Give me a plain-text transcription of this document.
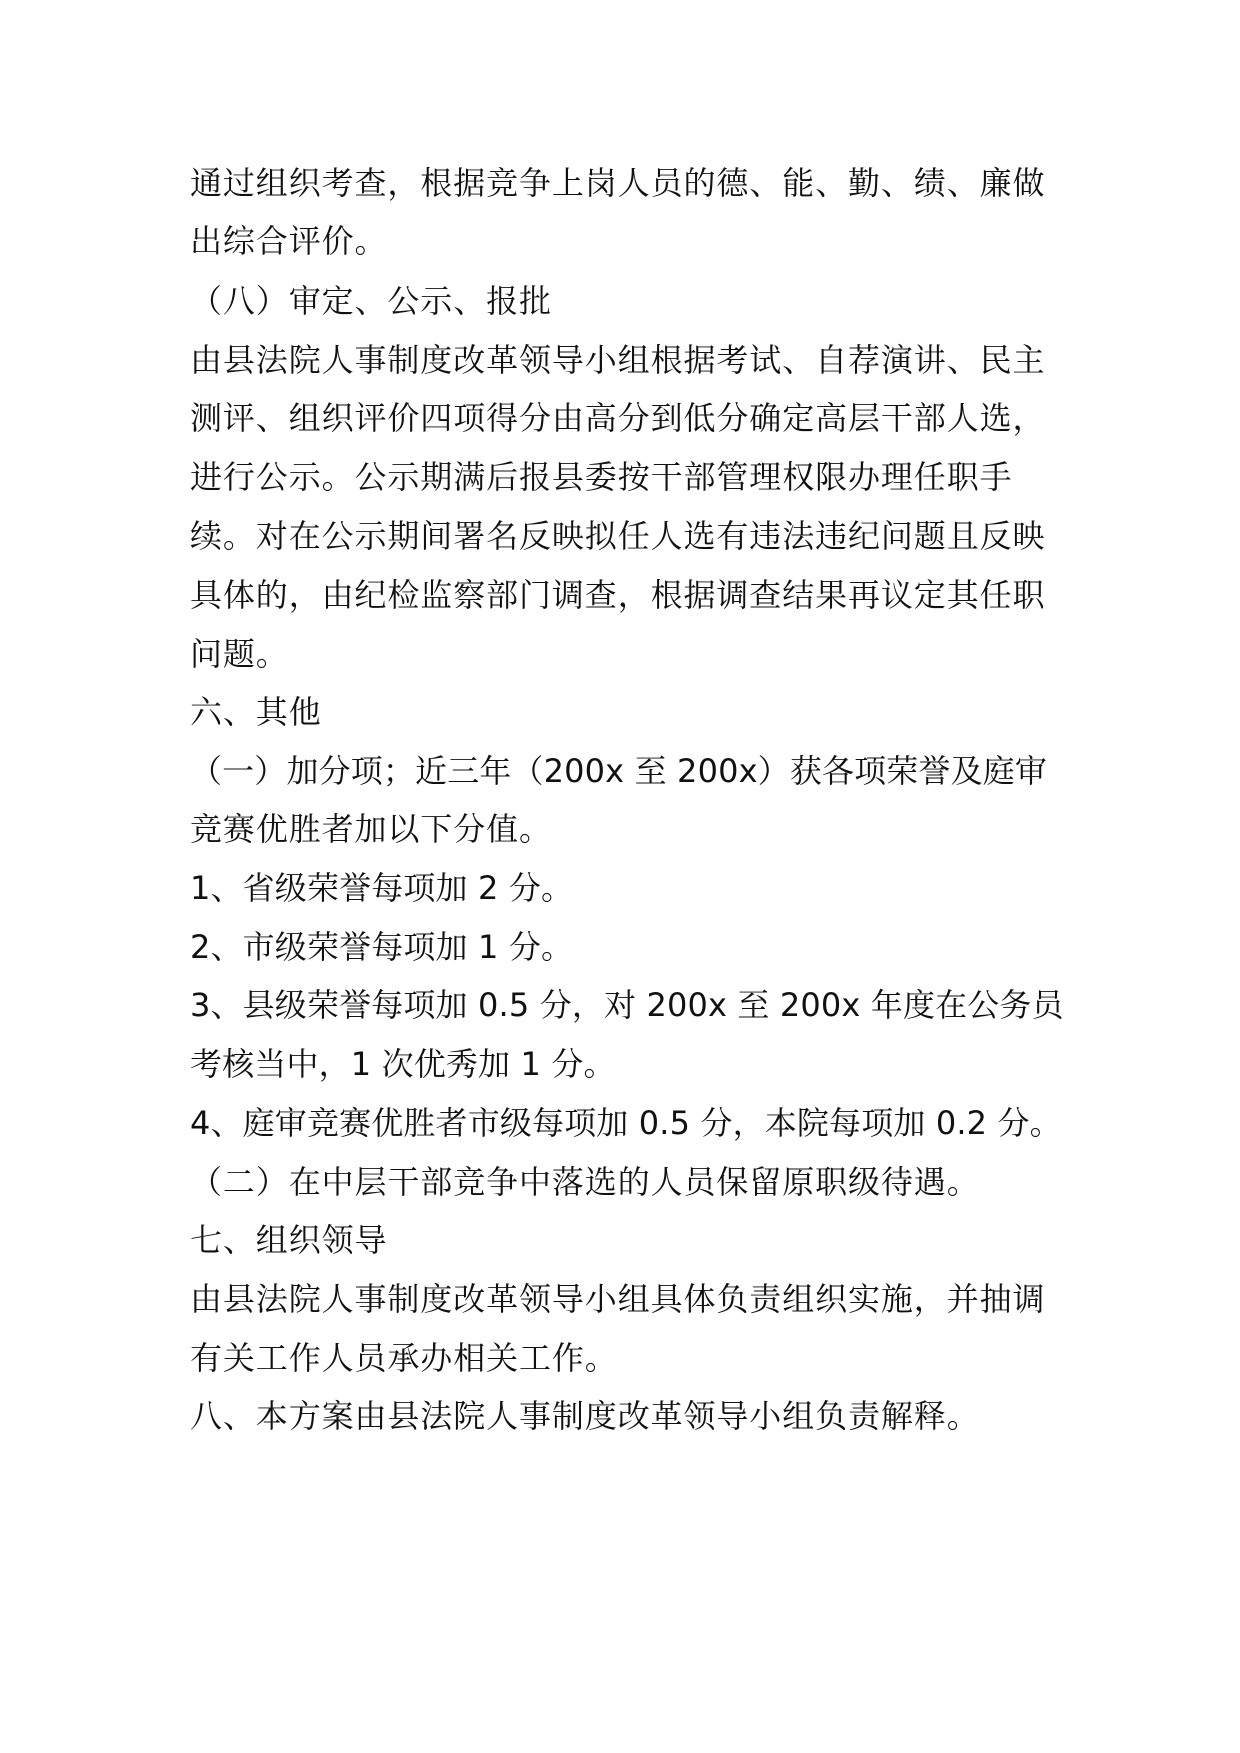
通过组织考查，根据竞争上岗人员的德、能、勤、绩、廉做
出综合评价。
（八）审定、公示、报批
由县法院人事制度改革领导小组根据考试、自荐演讲、民主
测评、组织评价四项得分由高分到低分确定高层干部人选，
进行公示。公示期满后报县委按干部管理权限办理任职手
续。对在公示期间署名反映拟任人选有违法违纪问题且反映
具体的，由纪检监察部门调查，根据调查结果再议定其任职
问题。
六、其他
（一）加分项；近三年（200x 至 200x）获各项荣誉及庭审
竞赛优胜者加以下分值。
1、省级荣誉每项加 2 分。
2、市级荣誉每项加 1 分。
3、县级荣誉每项加 0.5 分，对 200x 至 200x 年度在公务员
考核当中，1 次优秀加 1 分。
4、庭审竞赛优胜者市级每项加 0.5 分，本院每项加 0.2 分。
（二）在中层干部竞争中落选的人员保留原职级待遇。
七、组织领导
由县法院人事制度改革领导小组具体负责组织实施，并抽调
有关工作人员承办相关工作。
八、本方案由县法院人事制度改革领导小组负责解释。
